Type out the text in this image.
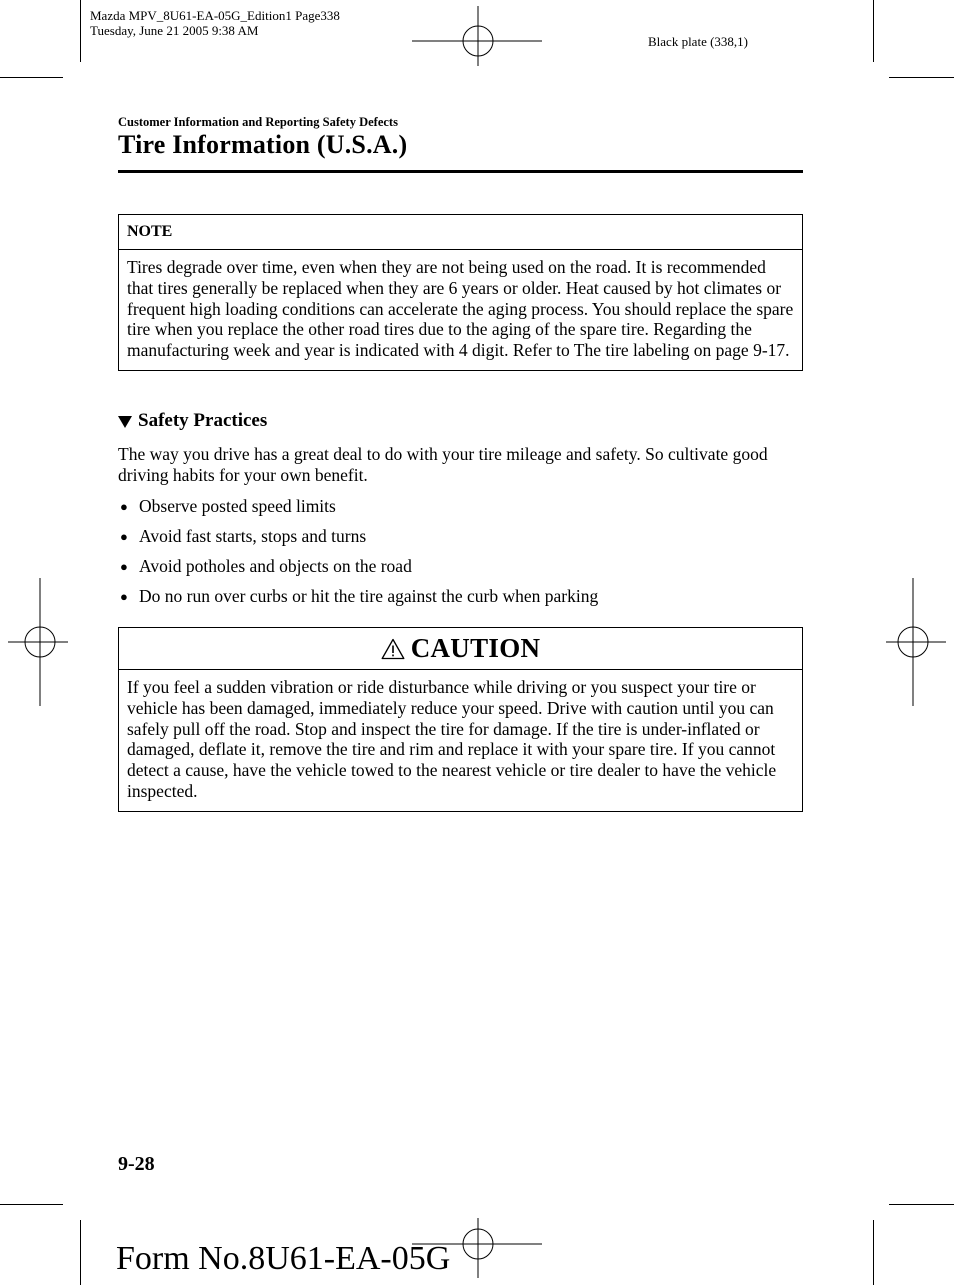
Mazda MPV_8U61-EA-05G_Edition1 Page338
Tuesday, June 21 2005 9:38 AM
Black plate (338,1)
Customer Information and Reporting Safety Defects
Tire Information (U.S.A.)
NOTE
Tires degrade over time, even when they are not being used on the road. It is recommended that tires generally be replaced when they are 6 years or older. Heat caused by hot climates or frequent high loading conditions can accelerate the aging process. You should replace the spare tire when you replace the other road tires due to the aging of the spare tire. Regarding the manufacturing week and year is indicated with 4 digit. Refer to The tire labeling on page 9-17.
Safety Practices
The way you drive has a great deal to do with your tire mileage and safety. So cultivate good driving habits for your own benefit.
● Observe posted speed limits
● Avoid fast starts, stops and turns
● Avoid potholes and objects on the road
● Do no run over curbs or hit the tire against the curb when parking
CAUTION
If you feel a sudden vibration or ride disturbance while driving or you suspect your tire or vehicle has been damaged, immediately reduce your speed. Drive with caution until you can safely pull off the road. Stop and inspect the tire for damage. If the tire is under-inflated or damaged, deflate it, remove the tire and rim and replace it with your spare tire. If you cannot detect a cause, have the vehicle towed to the nearest vehicle or tire dealer to have the vehicle inspected.
9-28
Form No.8U61-EA-05G
